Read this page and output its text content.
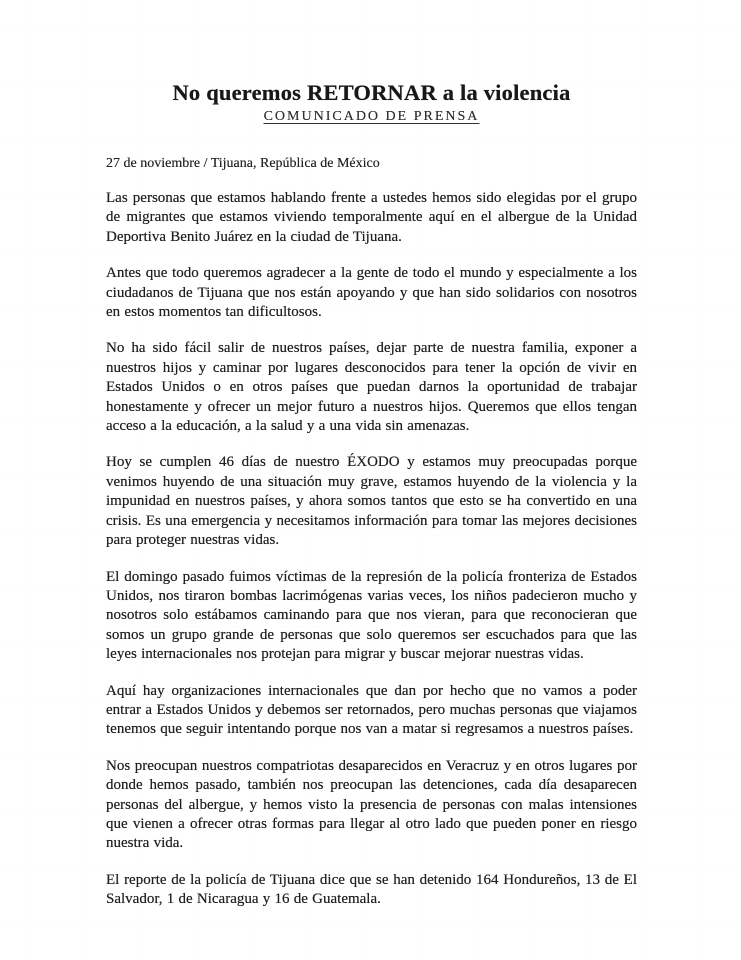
No queremos RETORNAR a la violencia
COMUNICADO DE PRENSA

27 de noviembre / Tijuana, República de México

Las personas que estamos hablando frente a ustedes hemos sido elegidas por el grupo de migrantes que estamos viviendo temporalmente aquí en el albergue de la Unidad Deportiva Benito Juárez en la ciudad de Tijuana.

Antes que todo queremos agradecer a la gente de todo el mundo y especialmente a los ciudadanos de Tijuana que nos están apoyando y que han sido solidarios con nosotros en estos momentos tan dificultosos.

No ha sido fácil salir de nuestros países, dejar parte de nuestra familia, exponer a nuestros hijos y caminar por lugares desconocidos para tener la opción de vivir en Estados Unidos o en otros países que puedan darnos la oportunidad de trabajar honestamente y ofrecer un mejor futuro a nuestros hijos. Queremos que ellos tengan acceso a la educación, a la salud y a una vida sin amenazas.

Hoy se cumplen 46 días de nuestro ÉXODO y estamos muy preocupadas porque venimos huyendo de una situación muy grave, estamos huyendo de la violencia y la impunidad en nuestros países, y ahora somos tantos que esto se ha convertido en una crisis. Es una emergencia y necesitamos información para tomar las mejores decisiones para proteger nuestras vidas.

El domingo pasado fuimos víctimas de la represión de la policía fronteriza de Estados Unidos, nos tiraron bombas lacrimógenas varias veces, los niños padecieron mucho y nosotros solo estábamos caminando para que nos vieran, para que reconocieran que somos un grupo grande de personas que solo queremos ser escuchados para que las leyes internacionales nos protejan para migrar y buscar mejorar nuestras vidas.

Aquí hay organizaciones internacionales que dan por hecho que no vamos a poder entrar a Estados Unidos y debemos ser retornados, pero muchas personas que viajamos tenemos que seguir intentando porque nos van a matar si regresamos a nuestros países.

Nos preocupan nuestros compatriotas desaparecidos en Veracruz y en otros lugares por donde hemos pasado, también nos preocupan las detenciones, cada día desaparecen personas del albergue, y hemos visto la presencia de personas con malas intensiones que vienen a ofrecer otras formas para llegar al otro lado que pueden poner en riesgo nuestra vida.

El reporte de la policía de Tijuana dice que se han detenido 164 Hondureños, 13 de El Salvador, 1 de Nicaragua y 16 de Guatemala.
